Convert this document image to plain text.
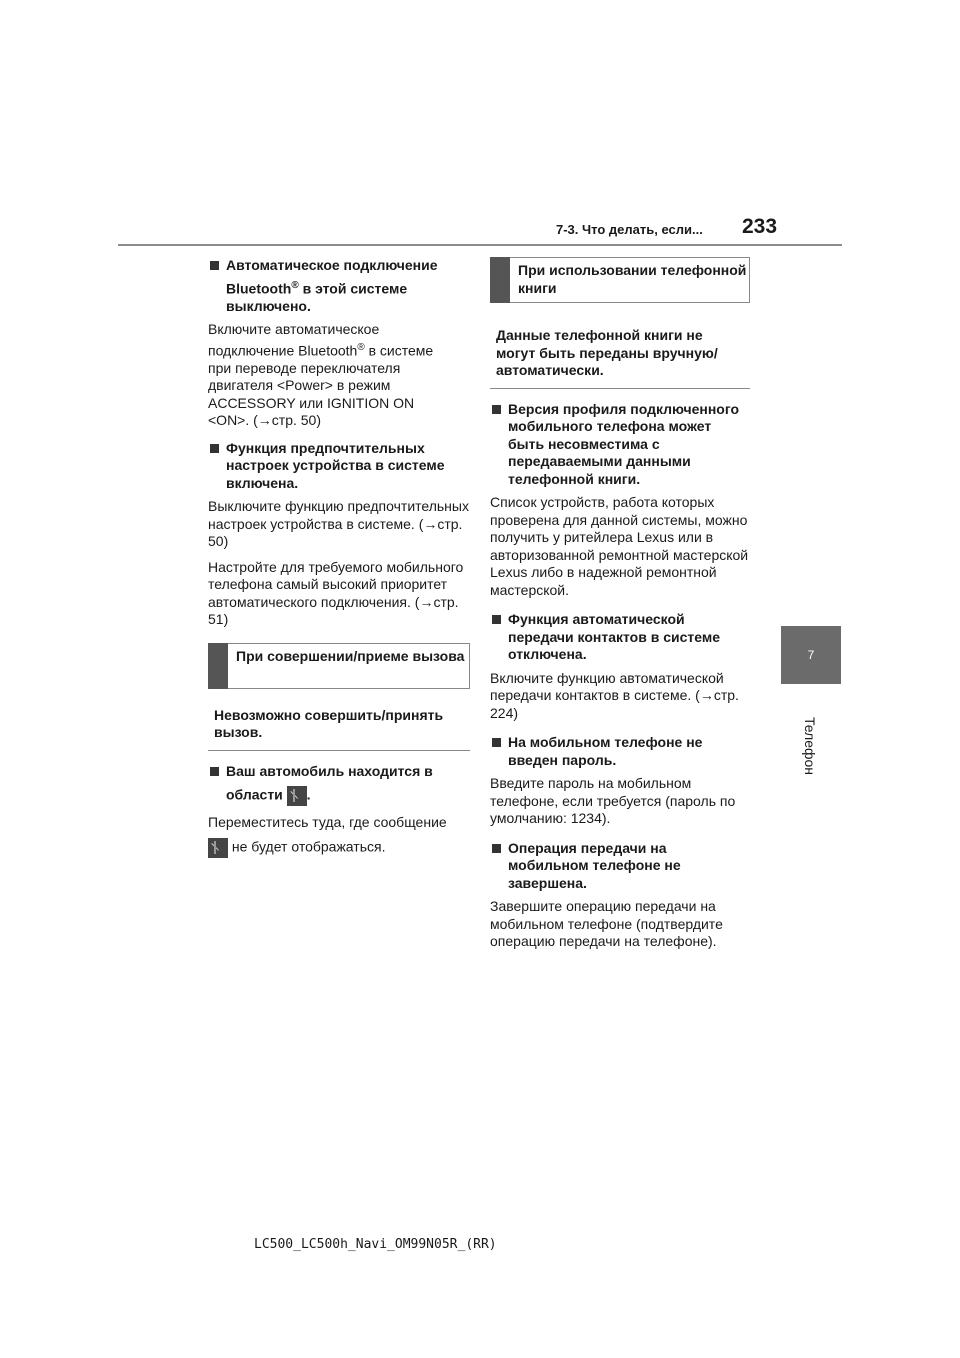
7-3. Что делать, если... 233
7
Телефон
Автоматическое подключение
Bluetooth® в этой системе
выключено.
Включите автоматическое
подключение Bluetooth® в системе
при переводе переключателя
двигателя <Power> в режим
ACCESSORY или IGNITION ON
<ON>. (→стр. 50)
Функция предпочтительных настроек устройства в системе включена.
Выключите функцию предпочтительных настроек устройства в системе. (→стр. 50)
Настройте для требуемого мобильного телефона самый высокий приоритет автоматического подключения. (→стр. 51)
При совершении/приеме вызова
Невозможно совершить/принять вызов.
Ваш автомобиль находится в
области .
Переместитесь туда, где сообщение
не будет отображаться.
При использовании телефонной книги
Данные телефонной книги не могут быть переданы вручную/ автоматически.
Версия профиля подключенного мобильного телефона может быть несовместима с передаваемыми данными телефонной книги.
Список устройств, работа которых проверена для данной системы, можно получить у ритейлера Lexus или в авторизованной ремонтной мастерской Lexus либо в надежной ремонтной мастерской.
Функция автоматической передачи контактов в системе отключена.
Включите функцию автоматической передачи контактов в системе. (→стр. 224)
На мобильном телефоне не введен пароль.
Введите пароль на мобильном телефоне, если требуется (пароль по умолчанию: 1234).
Операция передачи на мобильном телефоне не завершена.
Завершите операцию передачи на мобильном телефоне (подтвердите операцию передачи на телефоне).
LC500_LC500h_Navi_OM99N05R_(RR)
